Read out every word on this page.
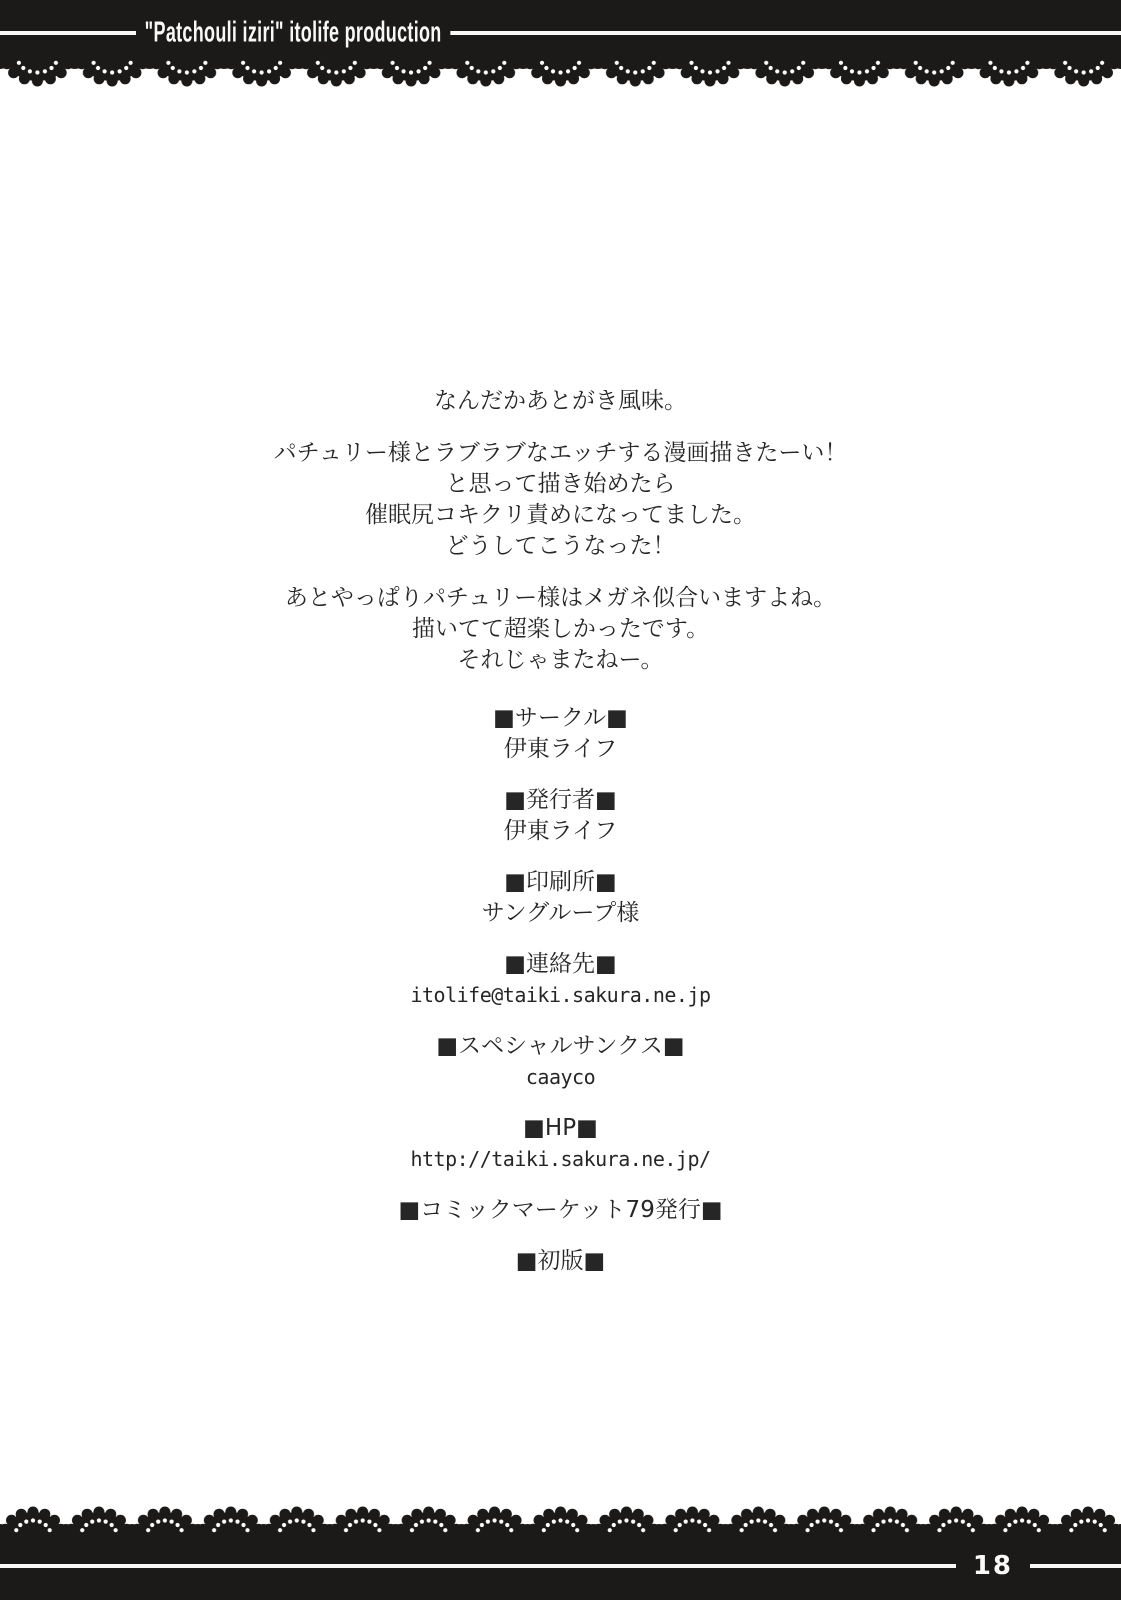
"Patchouli iziri" itolife production
なんだかあとがき風味。
パチュリー様とラブラブなエッチする漫画描きたーい！
と思って描き始めたら
催眠尻コキクリ責めになってました。
どうしてこうなった！
あとやっぱりパチュリー様はメガネ似合いますよね。
描いてて超楽しかったです。
それじゃまたねー。
■サークル■
伊東ライフ
■発行者■
伊東ライフ
■印刷所■
サングループ様
■連絡先■
itolife@taiki.sakura.ne.jp
■スペシャルサンクス■
caayco
■HP■
http://taiki.sakura.ne.jp/
■コミックマーケット79発行■
■初版■
18
